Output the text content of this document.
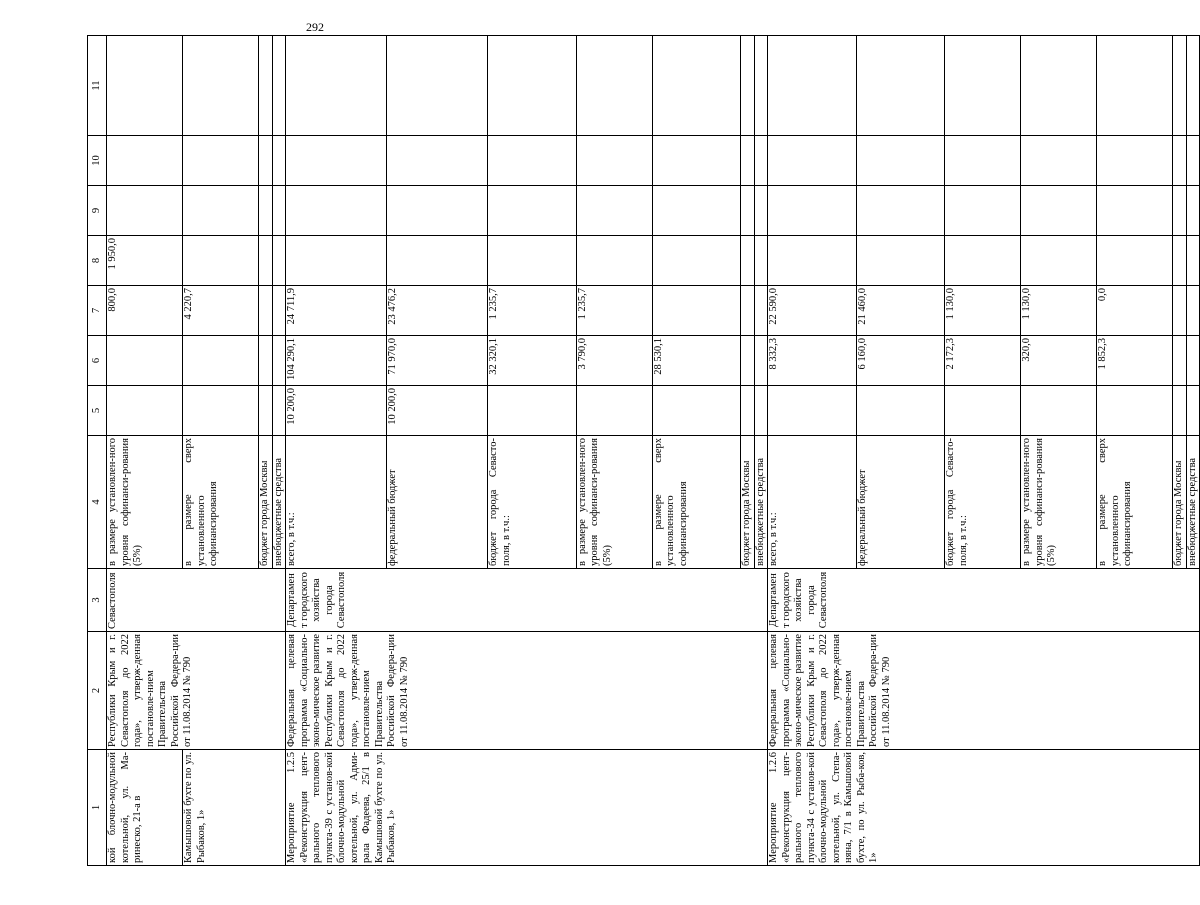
292
1	2	3	4	5	6	7	8	9	10	11	
кой блочно-модульной котельной, ул. Ма-ринеско, 21-а в	Республики Крым и г. Севастополя до 2022 года», утверж-денная постановле-нием Правительства Российской Федера-ции от 11.08.2014 № 790	Севастополя	в размере установлен-ного уровня софинанси-рования (5%)			800,0	1 950,0				
Камышовой бухте по ул. Рыбаков, 1»			в размере сверх установленного софинансирования			4 220,7					
			бюджет города Москвы								
			внебюджетные средства								
Мероприятие 1.2.5 «Реконструкция цент-рального теплового пункта-39 с установ-кой блочно-модульной котельной, ул. Адми-рала Фадеева, 25/1 в Камышовой бухте по ул. Рыбаков, 1»	Федеральная целевая программа «Социально-эконо-мическое развитие Республики Крым и г. Севастополя до 2022 года», утверж-денная постановле-нием Правительства Российской Федера-ции от 11.08.2014 № 790	Департамент городского хозяйства города Севастополя	всего, в т.ч.:	10 200,0	104 290,1	24 711,9					
			федеральный бюджет	10 200,0	71 970,0	23 476,2					
			бюджет города Севасто-поля, в т.ч.:		32 320,1	1 235,7					
			в размере установлен-ного уровня софинанси-рования (5%)		3 790,0	1 235,7					
			в размере сверх установленного софинансирования		28 530,1						
			бюджет города Москвы								
			внебюджетные средства								
Мероприятие 1.2.6 «Реконструкция цент-рального теплового пункта-34 с установ-кой блочно-модульной котельной, ул. Степа-няна, 7/1 в Камышовой бухте, по ул. Рыба-ков, 1»	Федеральная целевая программа «Социально-эконо-мическое развитие Республики Крым и г. Севастополя до 2022 года», утверж-денная постановле-нием Правительства Российской Федера-ции от 11.08.2014 № 790	Департамент городского хозяйства города Севастополя	всего, в т.ч.:		8 332,3	22 590,0					
			федеральный бюджет		6 160,0	21 460,0					
			бюджет города Севасто-поля, в т.ч.:		2 172,3	1 130,0					
			в размере установлен-ного уровня софинанси-рования (5%)		320,0	1 130,0					
			в размере сверх установленного софинансирования		1 852,3	0,0					
			бюджет города Москвы								
			внебюджетные средства								
